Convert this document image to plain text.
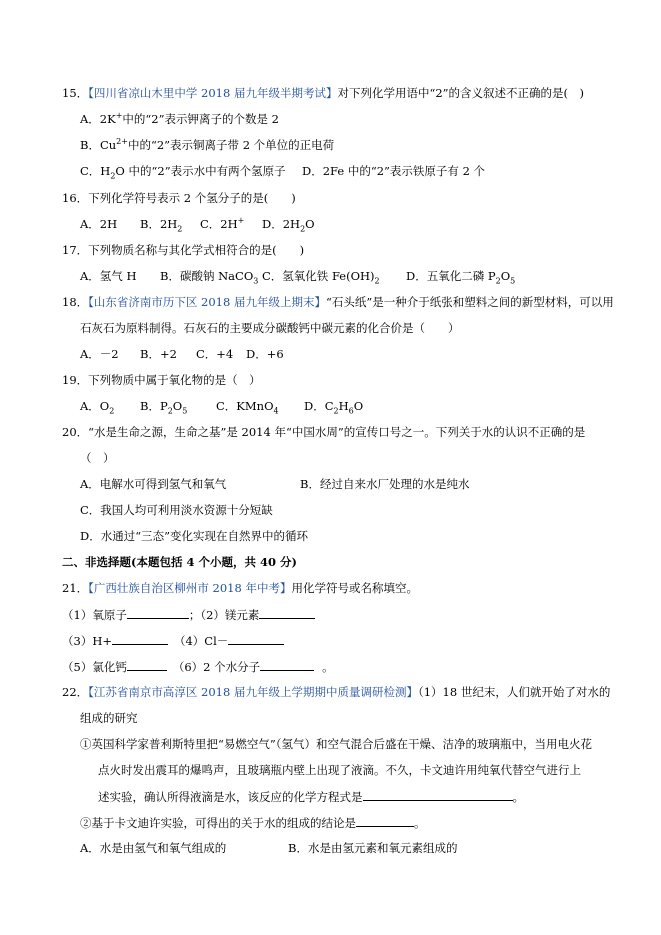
15．【四川省凉山木里中学 2018 届九年级半期考试】对下列化学用语中“2”的含义叙述不正确的是(　)
A．2K+中的“2”表示钾离子的个数是 2
B．$Cu^{2+}$中的“2”表示铜离子带 2 个单位的正电荷
C．$H_2O$ 中的“2”表示水中有两个氢原子 D．2Fe 中的“2”表示铁原子有 2 个
16．下列化学符号表示 2 个氢分子的是(　　)
A．2H B．$2H_2$ C．2H+ D．$2H_2O$
17．下列物质名称与其化学式相符合的是(　　)
A．氢气 H B．碳酸钠 NaCO$_3$ C．氢氧化铁 $Fe(OH)_2$ D．五氧化二磷 $P_2O_5$
18．【山东省济南市历下区 2018 届九年级上期末】“石头纸”是一种介于纸张和塑料之间的新型材料，可以用
石灰石为原料制得。石灰石的主要成分碳酸钙中碳元素的化合价是（　　）
A．－2 B．+2 C．+4 D．+6
19．下列物质中属于氧化物的是（　）
A．$O_2$ B．$P_2O_5$ C．KMnO$_4$ D．$C_2H_6O$
20．“水是生命之源，生命之基”是 2014 年“中国水周”的宣传口号之一。下列关于水的认识不正确的是
（　）
A．电解水可得到氢气和氧气	B．经过自来水厂处理的水是纯水
C．我国人均可利用淡水资源十分短缺
D．水通过“三态”变化实现在自然界中的循环
二、非选择题(本题包括 4 个小题，共 40 分)
21．【广西壮族自治区柳州市 2018 年中考】用化学符号或名称填空。
（1）氧原子	；（2）镁元素
（3）H+	（4）Cl－
（5）氯化钙	（6）2 个水分子	。
22．【江苏省南京市高淳区 2018 届九年级上学期期中质量调研检测】（1）18 世纪末，人们就开始了对水的
组成的研究
①英国科学家普利斯特里把“易燃空气”（氢气）和空气混合后盛在干燥、洁净的玻璃瓶中，当用电火花
点火时发出震耳的爆鸣声，且玻璃瓶内壁上出现了液滴。不久，卡文迪许用纯氧代替空气进行上
述实验，确认所得液滴是水，该反应的化学方程式是	。
②基于卡文迪许实验，可得出的关于水的组成的结论是	。
A．水是由氢气和氧气组成的	B．水是由氢元素和氧元素组成的
